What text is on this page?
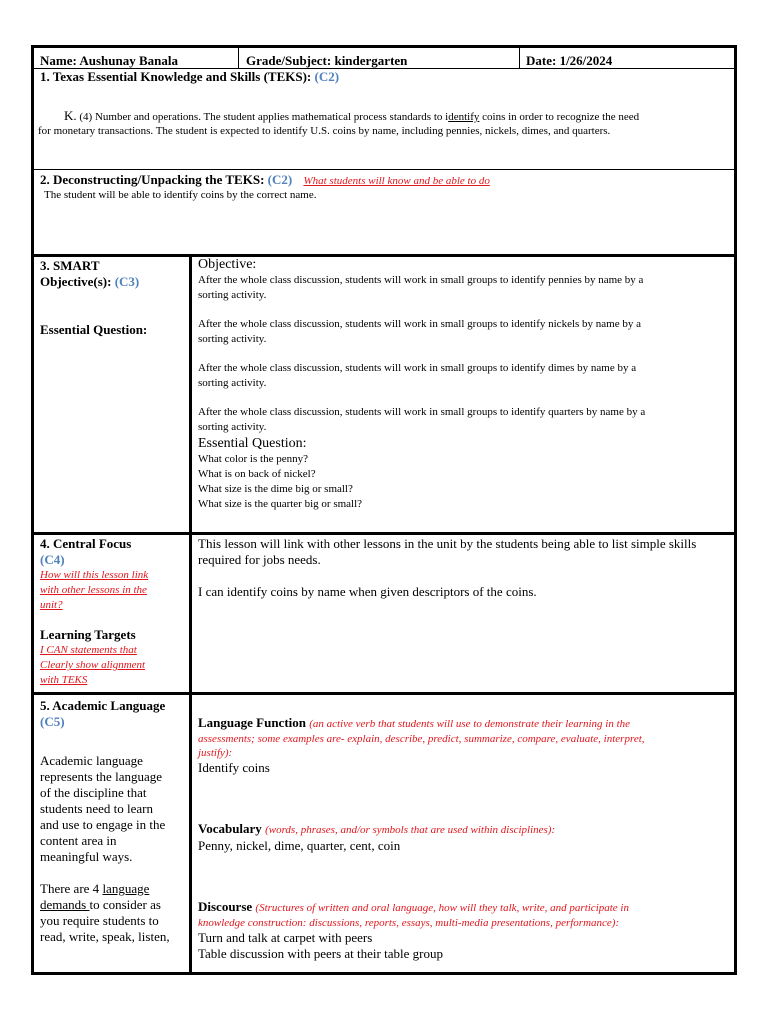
Name: Aushunay Banala	Grade/Subject: kindergarten	Date: 1/26/2024
1. Texas Essential Knowledge and Skills (TEKS): (C2)
K. (4) Number and operations. The student applies mathematical process standards to identify coins in order to recognize the need
for monetary transactions. The student is expected to identify U.S. coins by name, including pennies, nickels, dimes, and quarters.
2. Deconstructing/Unpacking the TEKS: (C2) What students will know and be able to do
The student will be able to identify coins by the correct name.

3. SMART

Objective(s): (C3)

Essential Question:

Objective:

After the whole class discussion, students will work in small groups to identify pennies by name by a

sorting activity.

After the whole class discussion, students will work in small groups to identify nickels by name by a

sorting activity.

After the whole class discussion, students will work in small groups to identify dimes by name by a

sorting activity.

After the whole class discussion, students will work in small groups to identify quarters by name by a

sorting activity.

Essential Question:

What color is the penny?

What is on back of nickel?

What size is the dime big or small?

What size is the quarter big or small?

4. Central Focus

(C4)

How will this lesson link

with other lessons in the

unit?

Learning Targets

I CAN statements that

Clearly show alignment

with TEKS

This lesson will link with other lessons in the unit by the students being able to list simple skills

required for jobs needs.

I can identify coins by name when given descriptors of the coins.

5. Academic Language

(C5)

Academic language

represents the language

of the discipline that

students need to learn

and use to engage in the

content area in

meaningful ways.

There are 4 language

demands to consider as

you require students to

read, write, speak, listen,

Language Function (an active verb that students will use to demonstrate their learning in the

assessments; some examples are- explain, describe, predict, summarize, compare, evaluate, interpret,

justify):

Identify coins

Vocabulary (words, phrases, and/or symbols that are used within disciplines):

Penny, nickel, dime, quarter, cent, coin

Discourse (Structures of written and oral language, how will they talk, write, and participate in

knowledge construction: discussions, reports, essays, multi-media presentations, performance):

Turn and talk at carpet with peers

Table discussion with peers at their table group
